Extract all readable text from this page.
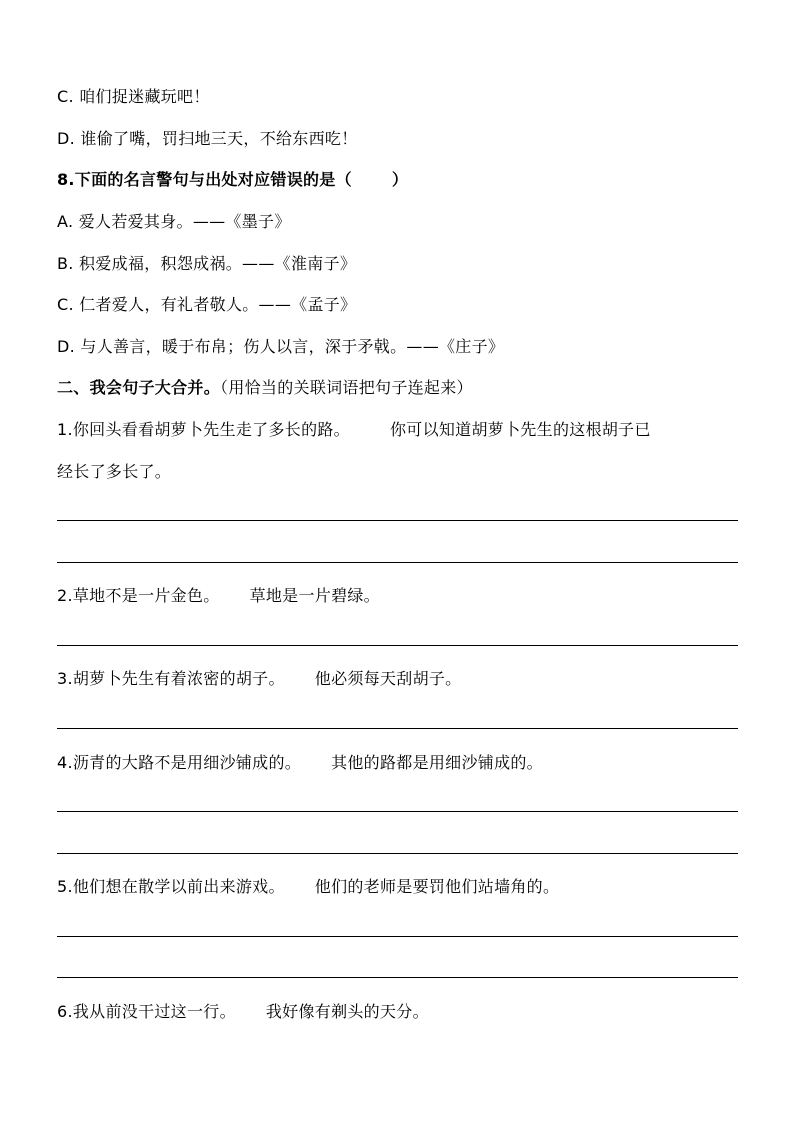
C. 咱们捉迷藏玩吧！
D. 谁偷了嘴，罚扫地三天，不给东西吃！
8.下面的名言警句与出处对应错误的是（	）
A. 爱人若爱其身。——《墨子》
B. 积爱成福，积怨成祸。——《淮南子》
C. 仁者爱人，有礼者敬人。——《孟子》
D. 与人善言，暖于布帛；伤人以言，深于矛戟。——《庄子》
二、我会句子大合并。（用恰当的关联词语把句子连起来）
1.你回头看看胡萝卜先生走了多长的路。	你可以知道胡萝卜先生的这根胡子已
经长了多长了。
2.草地不是一片金色。 草地是一片碧绿。
3.胡萝卜先生有着浓密的胡子。 他必须每天刮胡子。
4.沥青的大路不是用细沙铺成的。 其他的路都是用细沙铺成的。
5.他们想在散学以前出来游戏。 他们的老师是要罚他们站墙角的。
6.我从前没干过这一行。 我好像有剃头的天分。
